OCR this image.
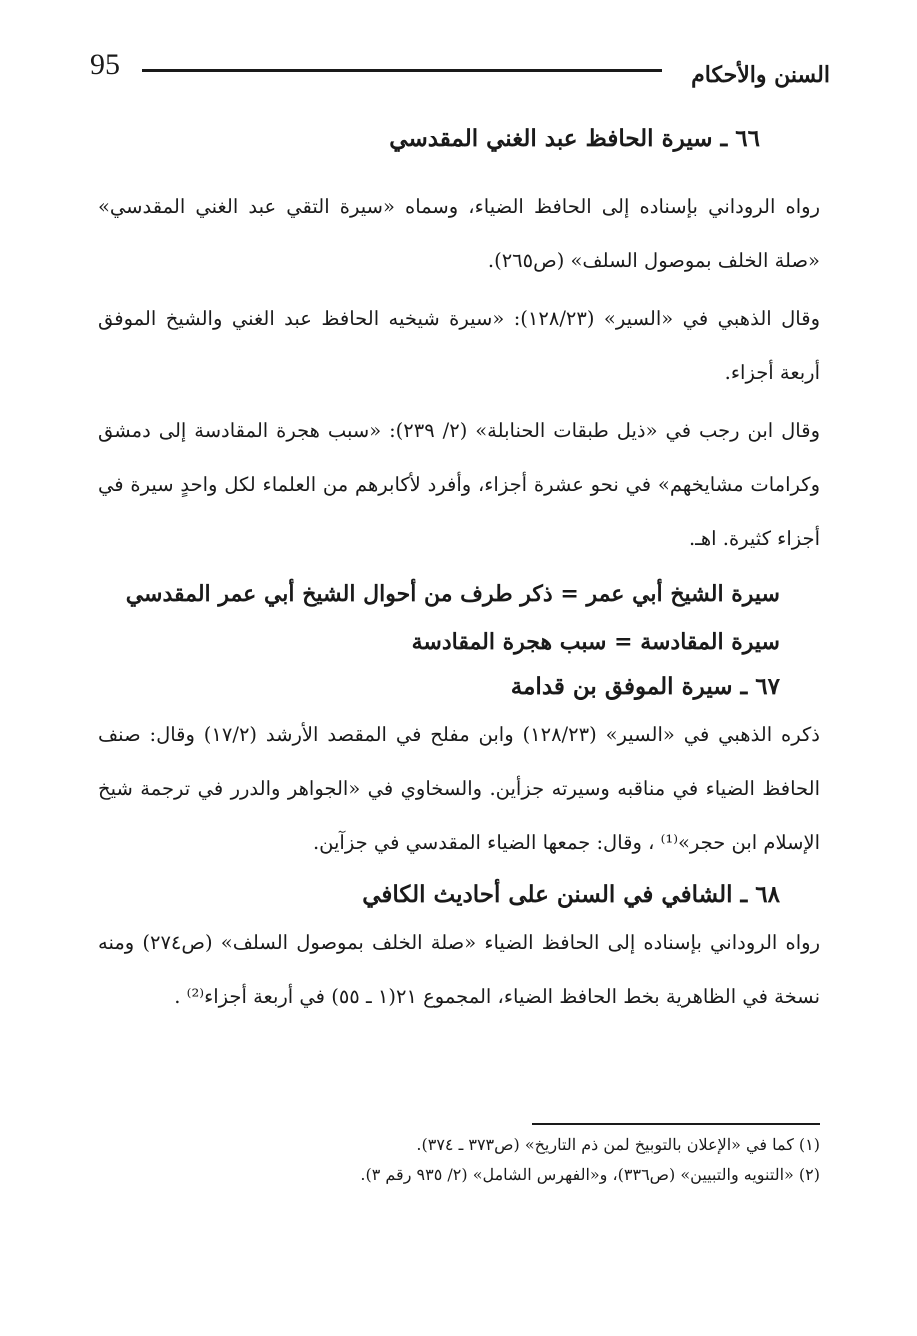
95	السنن والأحكام
٦٦ ـ سيرة الحافظ عبد الغني المقدسي

رواه الروداني بإسناده إلى الحافظ الضياء، وسماه «سيرة التقي عبد الغني المقدسي» «صلة الخلف بموصول السلف» (ص٢٦٥).

وقال الذهبي في «السير» (١٢٨/٢٣): «سيرة شيخيه الحافظ عبد الغني والشيخ الموفق أربعة أجزاء.

وقال ابن رجب في «ذيل طبقات الحنابلة» (٢/ ٢٣٩): «سبب هجرة المقادسة إلى دمشق وكرامات مشايخهم» في نحو عشرة أجزاء، وأفرد لأكابرهم من العلماء لكل واحدٍ سيرة في أجزاء كثيرة. اهـ.

سيرة الشيخ أبي عمر = ذكر طرف من أحوال الشيخ أبي عمر المقدسي

سيرة المقادسة = سبب هجرة المقادسة

٦٧ ـ سيرة الموفق بن قدامة

ذكره الذهبي في «السير» (١٢٨/٢٣) وابن مفلح في المقصد الأرشد (١٧/٢) وقال: صنف الحافظ الضياء في مناقبه وسيرته جزأين. والسخاوي في «الجواهر والدرر في ترجمة شيخ الإسلام ابن حجر»⁽¹⁾ ، وقال: جمعها الضياء المقدسي في جزآين.

٦٨ ـ الشافي في السنن على أحاديث الكافي

رواه الروداني بإسناده إلى الحافظ الضياء «صلة الخلف بموصول السلف» (ص٢٧٤) ومنه نسخة في الظاهرية بخط الحافظ الضياء، المجموع ٢١(١ ـ ٥٥) في أربعة أجزاء⁽²⁾ .

(١) كما في «الإعلان بالتوبيخ لمن ذم التاريخ» (ص٣٧٣ ـ ٣٧٤).

(٢) «التنويه والتبيين» (ص٣٣٦)، و«الفهرس الشامل» (٢/ ٩٣٥ رقم ٣).
